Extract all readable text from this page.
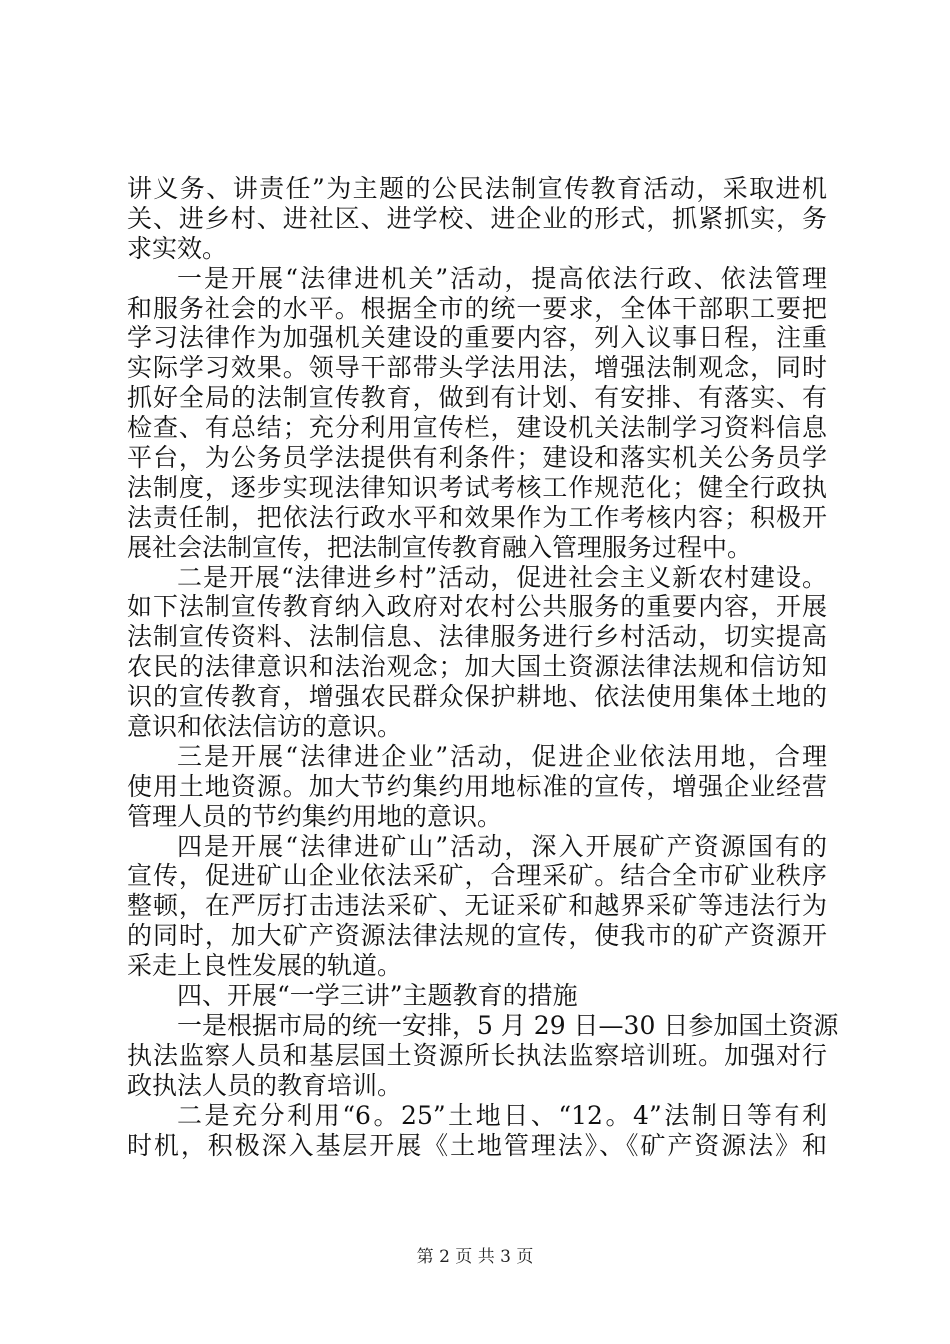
讲义务、讲责任”为主题的公民法制宣传教育活动，采取进机
关、进乡村、进社区、进学校、进企业的形式，抓紧抓实，务
求实效。
一是开展“法律进机关”活动，提高依法行政、依法管理
和服务社会的水平。根据全市的统一要求，全体干部职工要把
学习法律作为加强机关建设的重要内容，列入议事日程，注重
实际学习效果。领导干部带头学法用法，增强法制观念，同时
抓好全局的法制宣传教育，做到有计划、有安排、有落实、有
检查、有总结；充分利用宣传栏，建设机关法制学习资料信息
平台，为公务员学法提供有利条件；建设和落实机关公务员学
法制度，逐步实现法律知识考试考核工作规范化；健全行政执
法责任制，把依法行政水平和效果作为工作考核内容；积极开
展社会法制宣传，把法制宣传教育融入管理服务过程中。
二是开展“法律进乡村”活动，促进社会主义新农村建设。
如下法制宣传教育纳入政府对农村公共服务的重要内容，开展
法制宣传资料、法制信息、法律服务进行乡村活动，切实提高
农民的法律意识和法治观念；加大国土资源法律法规和信访知
识的宣传教育，增强农民群众保护耕地、依法使用集体土地的
意识和依法信访的意识。
三是开展“法律进企业”活动，促进企业依法用地，合理
使用土地资源。加大节约集约用地标准的宣传，增强企业经营
管理人员的节约集约用地的意识。
四是开展“法律进矿山”活动，深入开展矿产资源国有的
宣传，促进矿山企业依法采矿，合理采矿。结合全市矿业秩序
整顿，在严厉打击违法采矿、无证采矿和越界采矿等违法行为
的同时，加大矿产资源法律法规的宣传，使我市的矿产资源开
采走上良性发展的轨道。
四、开展“一学三讲”主题教育的措施
一是根据市局的统一安排，5 月 29 日—30 日参加国土资源
执法监察人员和基层国土资源所长执法监察培训班。加强对行
政执法人员的教育培训。
二是充分利用“6。25”土地日、“12。4”法制日等有利
时机，积极深入基层开展《土地管理法》、《矿产资源法》和
第 2 页 共 3 页
